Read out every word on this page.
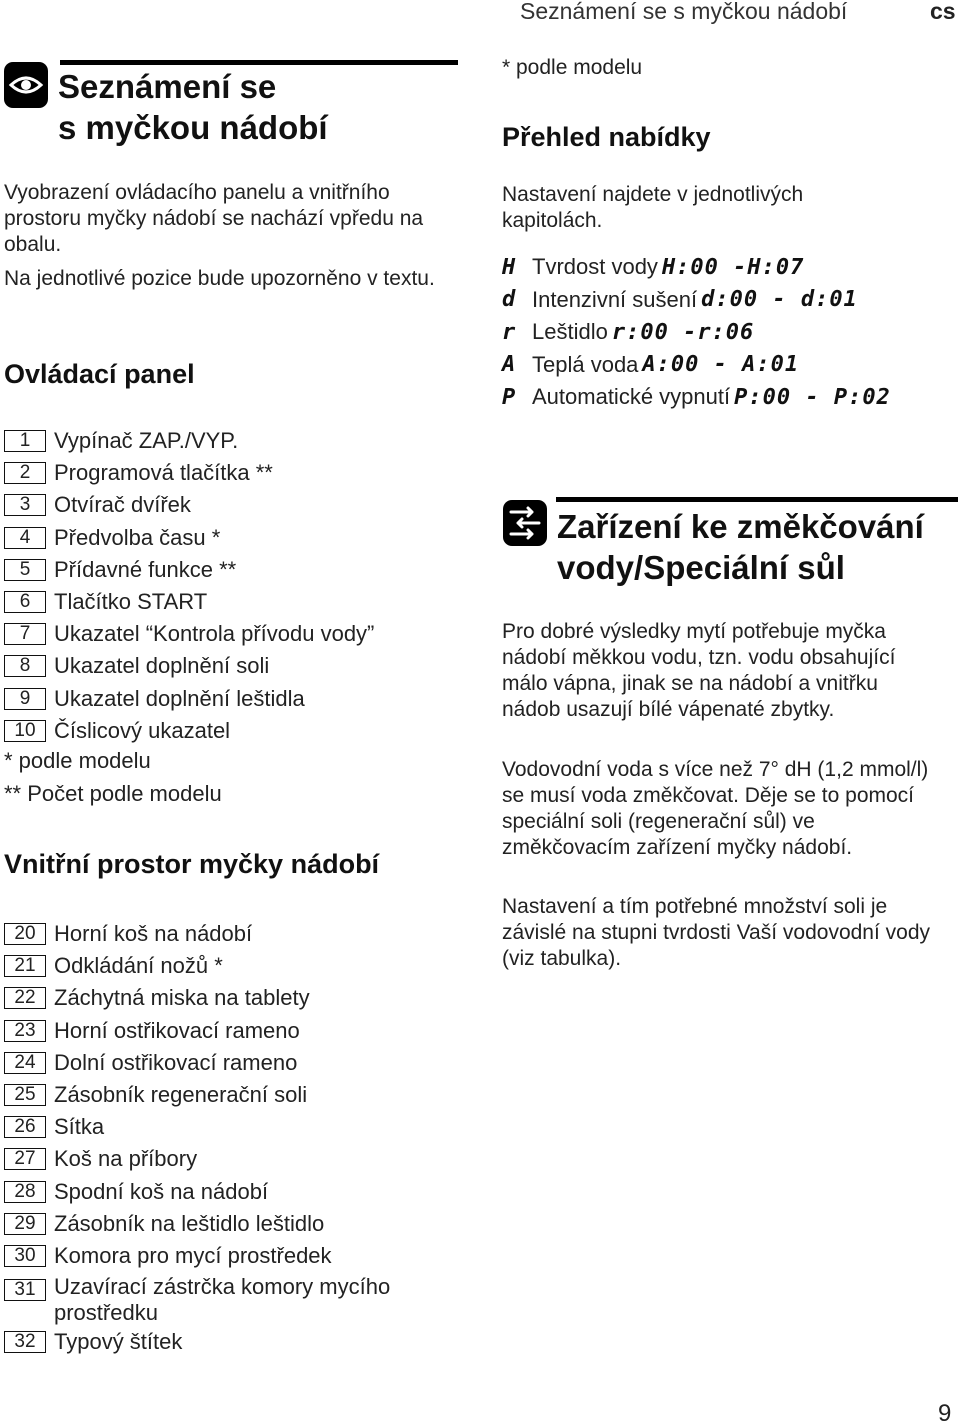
Seznámení se s myčkou nádobí	cs
Seznámení se
s myčkou nádobí
Vyobrazení ovládacího panelu a vnitřního prostoru myčky nádobí se nachází vpředu na obalu.
Na jednotlivé pozice bude upozorněno v textu.
Ovládací panel
1	Vypínač ZAP./VYP.
2	Programová tlačítka **
3	Otvírač dvířek
4	Předvolba času *
5	Přídavné funkce **
6	Tlačítko START
7	Ukazatel “Kontrola přívodu vody”
8	Ukazatel doplnění soli
9	Ukazatel doplnění leštidla
10 Číslicový ukazatel
* podle modelu
** Počet podle modelu
Vnitřní prostor myčky nádobí
20 Horní koš na nádobí
21 Odkládání nožů *
22 Záchytná miska na tablety
23 Horní ostřikovací rameno
24 Dolní ostřikovací rameno
25 Zásobník regenerační soli
26 Sítka
27 Koš na příbory
28 Spodní koš na nádobí
29 Zásobník na leštidlo leštidlo
30 Komora pro mycí prostředek
31 Uzavírací zástrčka komory mycího prostředku
32 Typový štítek
* podle modelu
Přehled nabídky
Nastavení najdete v jednotlivých kapitolách.
H Tvrdost vody H:00 -H:07
d Intenzivní sušení d:00 - d:01
r Leštidlo r:00 -r:06
A Teplá voda A:00 - A:01
P Automatické vypnutí P:00 - P:02
Zařízení ke změkčování
vody/Speciální sůl
Pro dobré výsledky mytí potřebuje myčka nádobí měkkou vodu, tzn. vodu obsahující málo vápna, jinak se na nádobí a vnitřku nádob usazují bílé vápenaté zbytky.
Vodovodní voda s více než 7° dH (1,2 mmol/l) se musí voda změkčovat. Děje se to pomocí speciální soli (regenerační sůl) ve změkčovacím zařízení myčky nádobí.
Nastavení a tím potřebné množství soli je závislé na stupni tvrdosti Vaší vodovodní vody (viz tabulka).
9
